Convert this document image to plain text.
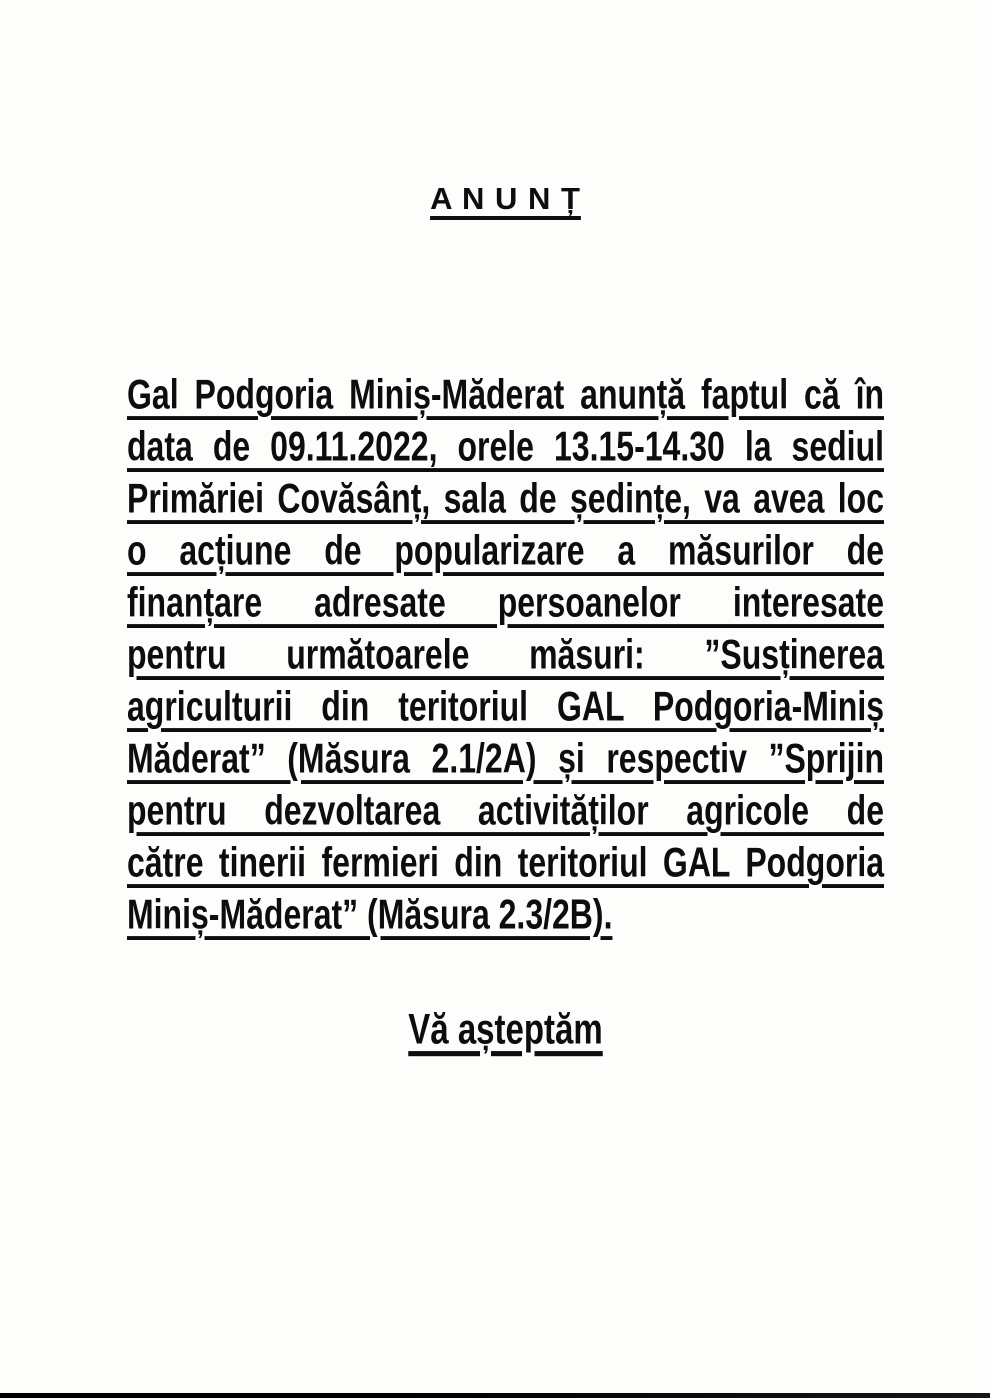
A N U N Ț
Gal Podgoria Miniș-Măderat anunță faptul că în
data de 09.11.2022, orele 13.15-14.30 la sediul
Primăriei Covăsânț, sala de ședințe, va avea loc
o acțiune de popularizare a măsurilor de
finanțare adresate persoanelor interesate
pentru următoarele măsuri: ”Susținerea
agriculturii din teritoriul GAL Podgoria-Miniș
Măderat” (Măsura 2.1/2A) și respectiv ”Sprijin
pentru dezvoltarea activităților agricole de
către tinerii fermieri din teritoriul GAL Podgoria
Miniș-Măderat” (Măsura 2.3/2B).
Vă așteptăm
